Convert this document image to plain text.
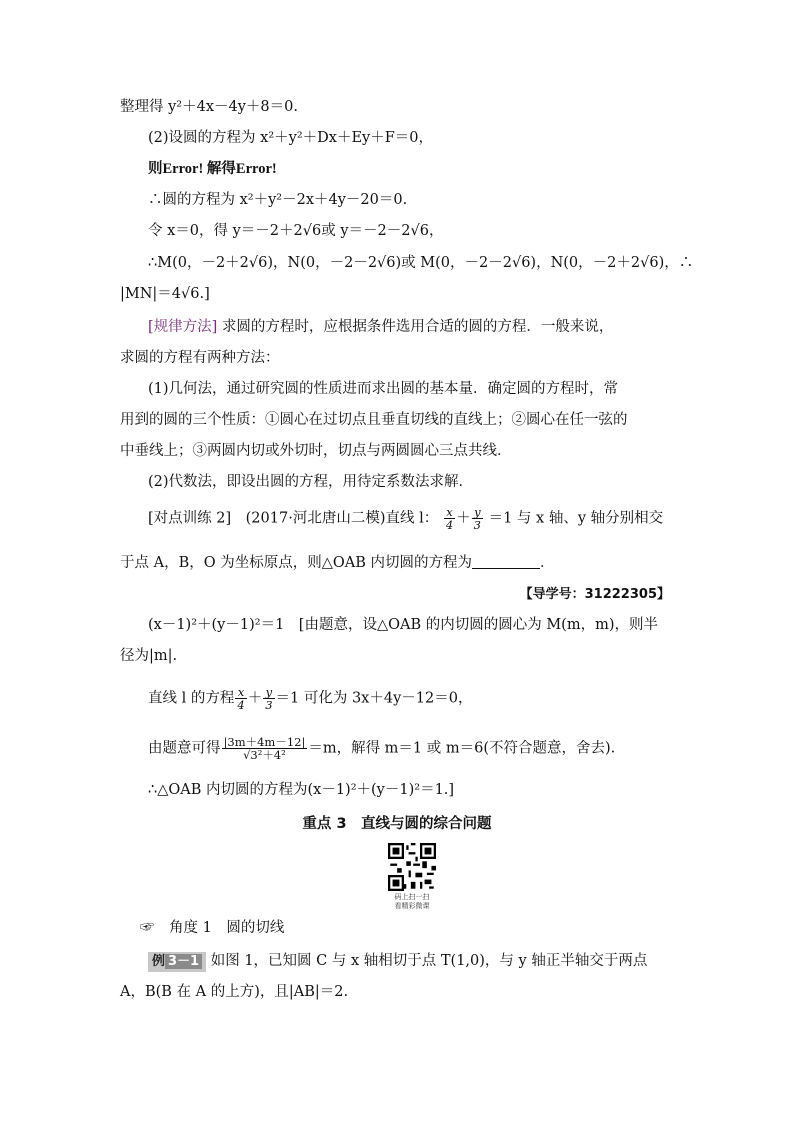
整理得 y²＋4x－4y＋8＝0.
(2)设圆的方程为 x²＋y²＋Dx＋Ey＋F＝0，
则Error! 解得Error!
∴圆的方程为 x²＋y²－2x＋4y－20＝0.
令 x＝0，得 y＝－2＋2√6或 y＝－2－2√6，
∴M(0，－2＋2√6)，N(0，－2－2√6)或 M(0，－2－2√6)，N(0，－2＋2√6)，∴
|MN|＝4√6.]
[规律方法] 求圆的方程时，应根据条件选用合适的圆的方程．一般来说，
求圆的方程有两种方法：
(1)几何法，通过研究圆的性质进而求出圆的基本量．确定圆的方程时，常
用到的圆的三个性质：①圆心在过切点且垂直切线的直线上；②圆心在任一弦的
中垂线上；③两圆内切或外切时，切点与两圆圆心三点共线．
(2)代数法，即设出圆的方程，用待定系数法求解．
[对点训练 2]　(2017·河北唐山二模)直线 l： $\frac{x}{4} + \frac{y}{3} =1$ 与 x 轴、y 轴分别相交
于点 A，B，O 为坐标原点，则△OAB 内切圆的方程为	．
【导学号：31222305】
(x－1)²＋(y－1)²＝1　[由题意，设△OAB 的内切圆的圆心为 M(m，m)，则半
径为|m|.
直线 l 的方程 $\frac{x}{4} + \frac{y}{3} =1$ 可化为 3x＋4y－12＝0，
由题意可得 $\frac{|3m+4m-12|}{\text{√3²＋4²}} =m$，解得 m＝1 或 m＝6(不符合题意，舍去).
∴△OAB 内切圆的方程为(x－1)²＋(y－1)²＝1.]
重点 3　直线与圆的综合问题
码上扫一扫
看精彩微课
☞　角度 1　圆的切线
例 3－1 如图 1，已知圆 C 与 x 轴相切于点 T(1,0)，与 y 轴正半轴交于两点
A，B(B 在 A 的上方)，且|AB|＝2.
